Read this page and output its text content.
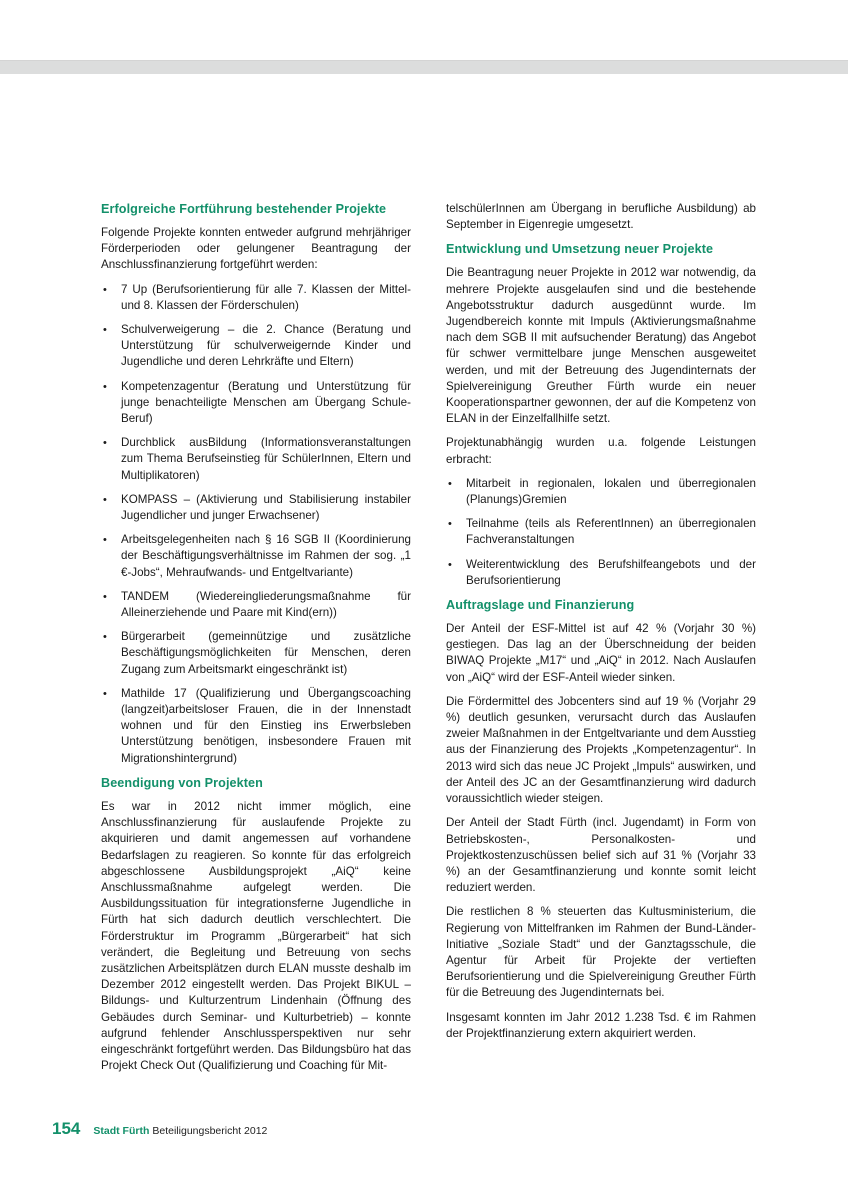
Erfolgreiche Fortführung bestehender Projekte

Folgende Projekte konnten entweder aufgrund mehrjähriger Förderperioden oder gelungener Beantragung der Anschlussfinanzierung fortgeführt werden:

• 7 Up (Berufsorientierung für alle 7. Klassen der Mittel- und 8. Klassen der Förderschulen)
• Schulverweigerung – die 2. Chance (Beratung und Unterstützung für schulverweigernde Kinder und Jugendliche und deren Lehrkräfte und Eltern)
• Kompetenzagentur (Beratung und Unterstützung für junge benachteiligte Menschen am Übergang Schule-Beruf)
• Durchblick ausBildung (Informationsveranstaltungen zum Thema Berufseinstieg für SchülerInnen, Eltern und Multiplikatoren)
• KOMPASS – (Aktivierung und Stabilisierung instabiler Jugendlicher und junger Erwachsener)
• Arbeitsgelegenheiten nach § 16 SGB II (Koordinierung der Beschäftigungsverhältnisse im Rahmen der sog. „1 €-Jobs“, Mehraufwands- und Entgeltvariante)
• TANDEM (Wiedereingliederungsmaßnahme für Alleinerziehende und Paare mit Kind(ern))
• Bürgerarbeit (gemeinnützige und zusätzliche Beschäftigungsmöglichkeiten für Menschen, deren Zugang zum Arbeitsmarkt eingeschränkt ist)
• Mathilde 17 (Qualifizierung und Übergangscoaching (langzeit)arbeitsloser Frauen, die in der Innenstadt wohnen und für den Einstieg ins Erwerbsleben Unterstützung benötigen, insbesondere Frauen mit Migrationshintergrund)
Beendigung von Projekten

Es war in 2012 nicht immer möglich, eine Anschlussfinanzierung für auslaufende Projekte zu akquirieren und damit angemessen auf vorhandene Bedarfslagen zu reagieren. So konnte für das erfolgreich abgeschlossene Ausbildungsprojekt „AiQ“ keine Anschlussmaßnahme aufgelegt werden. Die Ausbildungssituation für integrationsferne Jugendliche in Fürth hat sich dadurch deutlich verschlechtert. Die Förderstruktur im Programm „Bürgerarbeit“ hat sich verändert, die Begleitung und Betreuung von sechs zusätzlichen Arbeitsplätzen durch ELAN musste deshalb im Dezember 2012 eingestellt werden. Das Projekt BIKUL – Bildungs- und Kulturzentrum Lindenhain (Öffnung des Gebäudes durch Seminar- und Kulturbetrieb) – konnte aufgrund fehlender Anschlussperspektiven nur sehr eingeschränkt fortgeführt werden. Das Bildungsbüro hat das Projekt Check Out (Qualifizierung und Coaching für Mit-

telschülerInnen am Übergang in berufliche Ausbildung) ab September in Eigenregie umgesetzt.

Entwicklung und Umsetzung neuer Projekte

Die Beantragung neuer Projekte in 2012 war notwendig, da mehrere Projekte ausgelaufen sind und die bestehende Angebotsstruktur dadurch ausgedünnt wurde. Im Jugendbereich konnte mit Impuls (Aktivierungsmaßnahme nach dem SGB II mit aufsuchender Beratung) das Angebot für schwer vermittelbare junge Menschen ausgeweitet werden, und mit der Betreuung des Jugendinternats der Spielvereinigung Greuther Fürth wurde ein neuer Kooperationspartner gewonnen, der auf die Kompetenz von ELAN in der Einzelfallhilfe setzt.

Projektunabhängig wurden u.a. folgende Leistungen erbracht:

• Mitarbeit in regionalen, lokalen und überregionalen (Planungs)Gremien
• Teilnahme (teils als ReferentInnen) an überregionalen Fachveranstaltungen
• Weiterentwicklung des Berufshilfeangebots und der Berufsorientierung
Auftragslage und Finanzierung

Der Anteil der ESF-Mittel ist auf 42 % (Vorjahr 30 %) gestiegen. Das lag an der Überschneidung der beiden BIWAQ Projekte „M17“ und „AiQ“ in 2012. Nach Auslaufen von „AiQ“ wird der ESF-Anteil wieder sinken.

Die Fördermittel des Jobcenters sind auf 19 % (Vorjahr 29 %) deutlich gesunken, verursacht durch das Auslaufen zweier Maßnahmen in der Entgeltvariante und dem Ausstieg aus der Finanzierung des Projekts „Kompetenzagentur“. In 2013 wird sich das neue JC Projekt „Impuls“ auswirken, und der Anteil des JC an der Gesamtfinanzierung wird dadurch voraussichtlich wieder steigen.

Der Anteil der Stadt Fürth (incl. Jugendamt) in Form von Betriebskosten-, Personalkosten- und Projektkostenzuschüssen belief sich auf 31 % (Vorjahr 33 %) an der Gesamtfinanzierung und konnte somit leicht reduziert werden.

Die restlichen 8 % steuerten das Kultusministerium, die Regierung von Mittelfranken im Rahmen der Bund-Länder-Initiative „Soziale Stadt“ und der Ganztagsschule, die Agentur für Arbeit für Projekte der vertieften Berufsorientierung und die Spielvereinigung Greuther Fürth für die Betreuung des Jugendinternats bei.

Insgesamt konnten im Jahr 2012 1.238 Tsd. € im Rahmen der Projektfinanzierung extern akquiriert werden.

154 Stadt Fürth Beteiligungsbericht 2012
